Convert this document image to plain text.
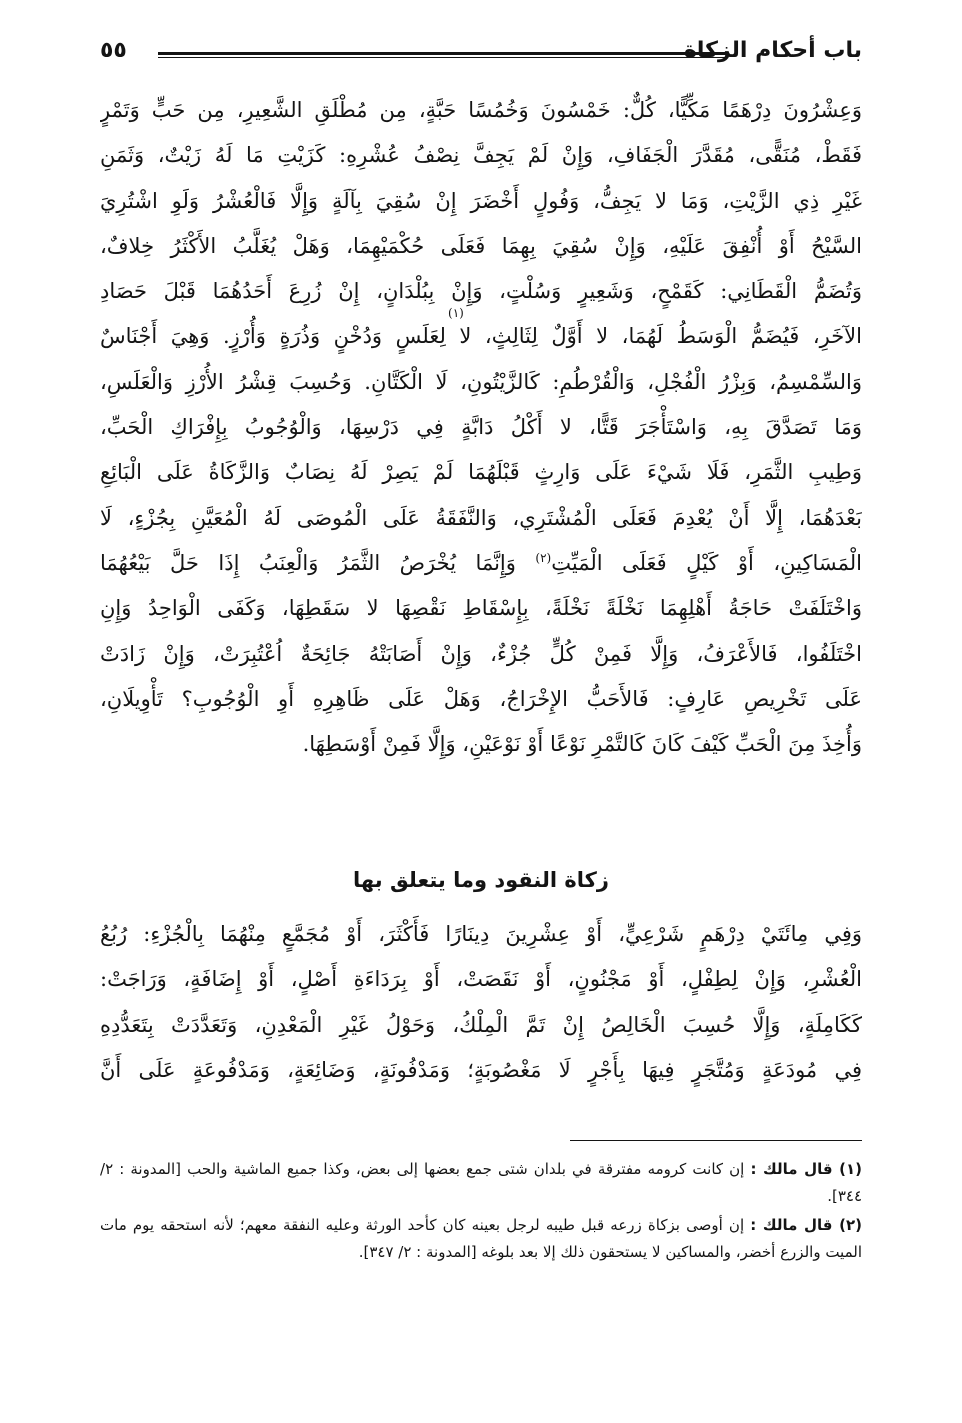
باب أحكام الزكاة
٥٥
وَعِشْرُونَ دِرْهَمًا مَكِّيًّا، كُلٌّ: خَمْسُونَ وَخُمُسًا حَبَّةٍ، مِن مُطْلَقِ الشَّعِيرِ، مِن حَبٍّ وَتَمْرٍ
فَقَطْ، مُنَقًّى، مُقَدَّرَ الْجَفَافِ، وَإِنْ لَمْ يَجِفَّ نِصْفُ عُشْرِهِ: كَزَيْتِ مَا لَهُ زَيْتٌ، وَثَمَنِ
غَيْرِ ذِي الزَّيْتِ، وَمَا لا يَجِفُّ، وَفُولٍ أَخْضَرَ إِنْ سُقِيَ بِآلَةٍ وَإِلَّا فَالْعُشْرُ وَلَوِ اشْتُرِيَ
السَّيْحُ أَوْ أُنْفِقَ عَلَيْهِ، وَإِنْ سُقِيَ بِهِمَا فَعَلَى حُكْمَيْهِمَا، وَهَلْ يُغَلَّبُ الأَكْثَرُ خِلافٌ،
وَتُضَمُّ الْقَطَانِي: كَقَمْحٍ، وَشَعِيرٍ وَسُلْتٍ، وَإِنْ بِبُلْدَانٍ، إِنْ زُرِعَ أَحَدُهُمَا قَبْلَ حَصَادِ
الآخَرِ، فَيُضَمُّ الْوَسَطُ لَهُمَا، لا أَوَّلٌ لِثَالِثٍ، لا لِعَلَسٍ وَدُخْنٍ وَذُرَةٍ وَأُرْزٍ. وَهِيَ أَجْنَاسٌ
وَالسِّمْسِمُ، وَبِزْرُ الْفُجْلِ، وَالْقُرْطُمِ: كَالزَّيْتُونِ، لَا الْكَتَّانِ. وَحُسِبَ قِشْرُ الأُرْزِ وَالْعَلَسِ،
وَمَا تَصَدَّقَ بِهِ، وَاسْتَأْجَرَ قَتًّا، لا أَكْلُ دَابَّةٍ فِي دَرْسِهَا، وَالْوُجُوبُ بِإِفْرَاكِ الْحَبِّ،
وَطِيبِ الثَّمَرِ، فَلَا شَيْءَ عَلَى وَارِثٍ قَبْلَهُمَا لَمْ يَصِرْ لَهُ نِصَابٌ وَالزَّكَاةُ عَلَى الْبَائِعِ
بَعْدَهُمَا، إِلَّا أَنْ يُعْدِمَ فَعَلَى الْمُشْتَرِي، وَالنَّفَقَةُ عَلَى الْمُوصَى لَهُ الْمُعَيَّنِ بِجُزْءٍ، لَا
الْمَسَاكِينِ، أَوْ كَيْلٍ فَعَلَى الْمَيِّتِ$^{(٢)}$ وَإِنَّمَا يُخْرَصُ الثَّمَرُ وَالْعِنَبُ إِذَا حَلَّ بَيْعُهُمَا
وَاخْتَلَفَتْ حَاجَةُ أَهْلِهِمَا نَخْلَةً نَخْلَةً، بِإِسْقَاطِ نَقْصِهَا لا سَقَطِهَا، وَكَفَى الْوَاحِدُ وَإِنِ
اخْتَلَفُوا، فَالأَعْرَفُ، وَإِلَّا فَمِنْ كُلٍّ جُزْءٌ، وَإِنْ أَصَابَتْهُ جَائِحَةٌ اُعْتُبِرَتْ، وَإِنْ زَادَتْ
عَلَى تَخْرِيصِ عَارِفٍ: فَالأَحَبُّ الإِخْرَاجُ، وَهَلْ عَلَى ظَاهِرِهِ أَوِ الْوُجُوبِ؟ تَأْوِيلَانِ،
وَأُخِذَ مِنَ الْحَبِّ كَيْفَ كَانَ كَالتَّمْرِ نَوْعًا أَوْ نَوْعَيْنِ، وَإِلَّا فَمِنْ أَوْسَطِهَا.
زكاة النقود وما يتعلق بها
وَفِي مِائَتَيْ دِرْهَمٍ شَرْعِيٍّ، أَوْ عِشْرِينَ دِينَارًا فَأَكْثَرَ، أَوْ مُجَمَّعٍ مِنْهُمَا بِالْجُزْءِ: رُبُعُ
الْعُشْرِ، وَإِنْ لِطِفْلٍ، أَوْ مَجْنُونٍ، أَوْ نَقَصَتْ، أَوْ بِرَدَاءَةِ أَصْلٍ، أَوْ إِضَافَةٍ، وَرَاجَتْ:
كَكَامِلَةٍ، وَإِلَّا حُسِبَ الْخَالِصُ إِنْ تَمَّ الْمِلْكُ، وَحَوْلُ غَيْرِ الْمَعْدِنِ، وَتَعَدَّدَتْ بِتَعَدُّدِهِ
فِي مُودَعَةٍ وَمُتَّجَرٍ فِيهَا بِأَجْرٍ لَا مَغْصُوبَةٍ؛ وَمَدْفُونَةٍ، وَضَائِعَةٍ، وَمَدْفُوعَةٍ عَلَى أَنَّ

(١) قال مالك : إن كانت كرومه مفترقة في بلدان شتى جمع بعضها إلى بعض، وكذا جميع الماشية والحب [المدونة : ٢/ ٣٤٤].

(٢) قال مالك : إن أوصى بزكاة زرعه قبل طيبه لرجل بعينه كان كأحد الورثة وعليه النفقة معهم؛ لأنه استحقه يوم مات الميت والزرع أخضر، والمساكين لا يستحقون ذلك إلا بعد بلوغه [المدونة : ٢/ ٣٤٧].

(١)
